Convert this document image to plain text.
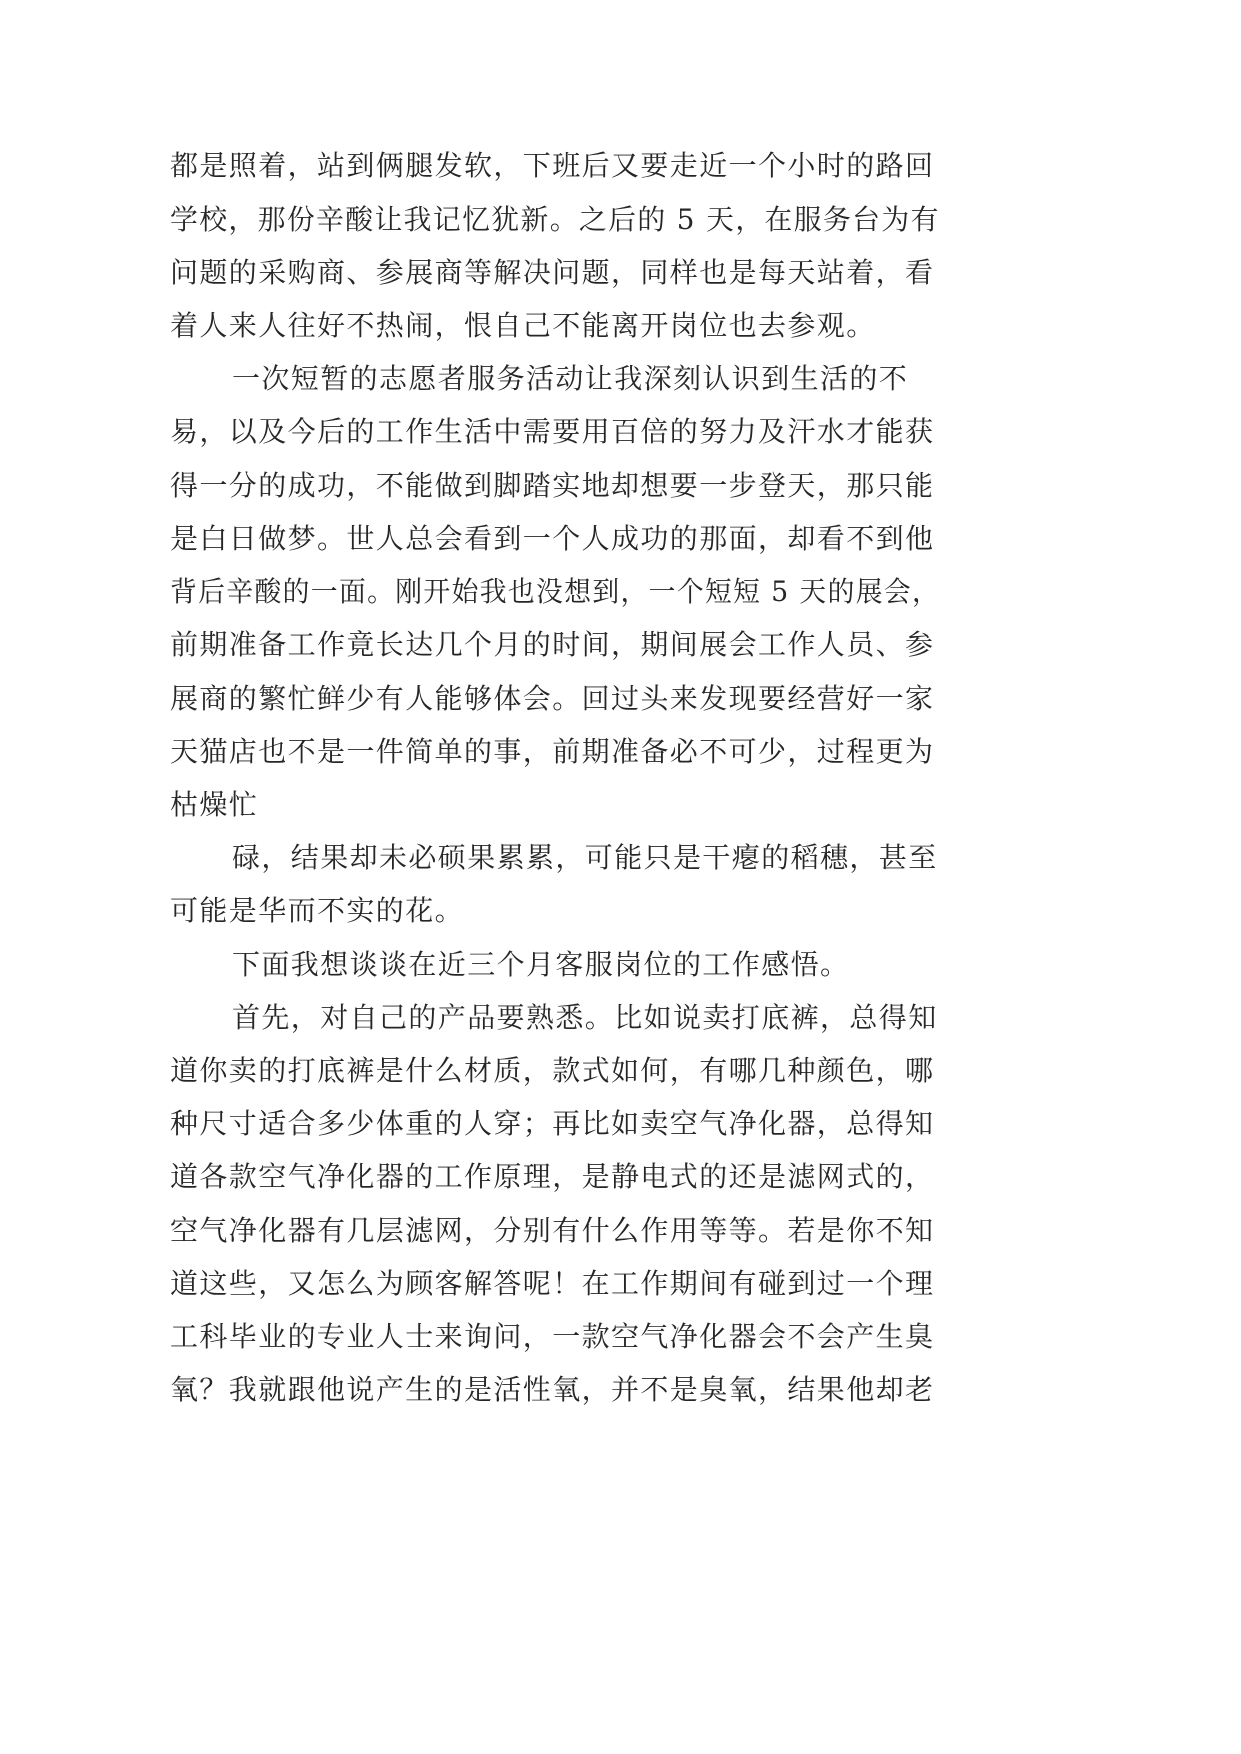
都是照着，站到俩腿发软，下班后又要走近一个小时的路回

学校，那份辛酸让我记忆犹新。之后的 5 天，在服务台为有

问题的采购商、参展商等解决问题，同样也是每天站着，看

着人来人往好不热闹，恨自己不能离开岗位也去参观。

一次短暂的志愿者服务活动让我深刻认识到生活的不

易，以及今后的工作生活中需要用百倍的努力及汗水才能获

得一分的成功，不能做到脚踏实地却想要一步登天，那只能

是白日做梦。世人总会看到一个人成功的那面，却看不到他

背后辛酸的一面。刚开始我也没想到，一个短短 5 天的展会，

前期准备工作竟长达几个月的时间，期间展会工作人员、参

展商的繁忙鲜少有人能够体会。回过头来发现要经营好一家

天猫店也不是一件简单的事，前期准备必不可少，过程更为

枯燥忙

碌，结果却未必硕果累累，可能只是干瘪的稻穗，甚至

可能是华而不实的花。

下面我想谈谈在近三个月客服岗位的工作感悟。

首先，对自己的产品要熟悉。比如说卖打底裤，总得知

道你卖的打底裤是什么材质，款式如何，有哪几种颜色，哪

种尺寸适合多少体重的人穿；再比如卖空气净化器，总得知

道各款空气净化器的工作原理，是静电式的还是滤网式的，

空气净化器有几层滤网，分别有什么作用等等。若是你不知

道这些，又怎么为顾客解答呢！在工作期间有碰到过一个理

工科毕业的专业人士来询问，一款空气净化器会不会产生臭

氧？我就跟他说产生的是活性氧，并不是臭氧，结果他却老
